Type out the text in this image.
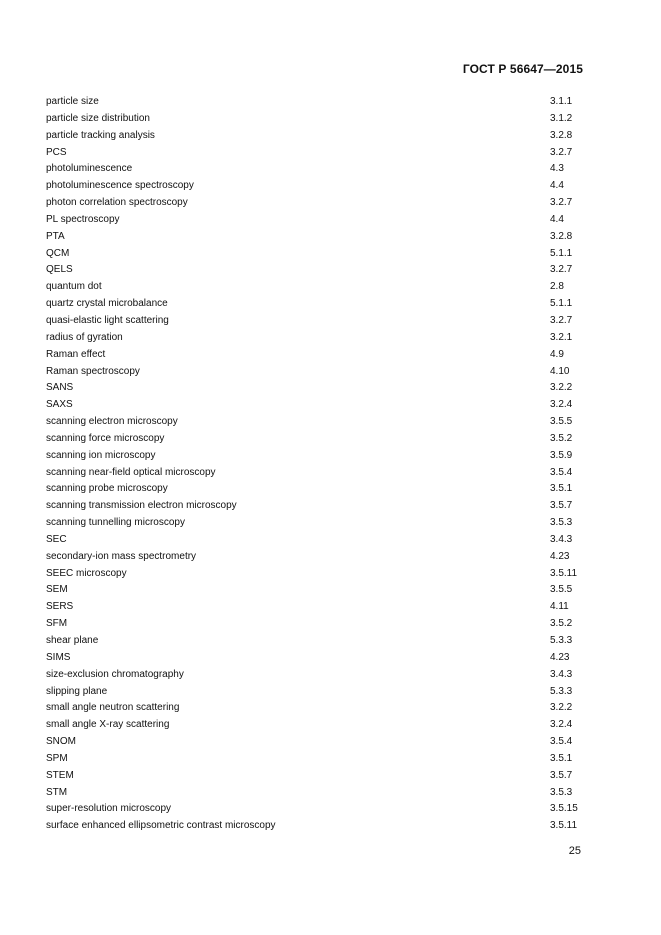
ГОСТ Р 56647—2015
particle size	3.1.1
particle size distribution	3.1.2
particle tracking analysis	3.2.8
PCS	3.2.7
photoluminescence	4.3
photoluminescence spectroscopy	4.4
photon correlation spectroscopy	3.2.7
PL spectroscopy	4.4
PTA	3.2.8
QCM	5.1.1
QELS	3.2.7
quantum dot	2.8
quartz crystal microbalance	5.1.1
quasi-elastic light scattering	3.2.7
radius of gyration	3.2.1
Raman effect	4.9
Raman spectroscopy	4.10
SANS	3.2.2
SAXS	3.2.4
scanning electron microscopy	3.5.5
scanning force microscopy	3.5.2
scanning ion microscopy	3.5.9
scanning near-field optical microscopy	3.5.4
scanning probe microscopy	3.5.1
scanning transmission electron microscopy	3.5.7
scanning tunnelling microscopy	3.5.3
SEC	3.4.3
secondary-ion mass spectrometry	4.23
SEEC microscopy	3.5.11
SEM	3.5.5
SERS	4.11
SFM	3.5.2
shear plane	5.3.3
SIMS	4.23
size-exclusion chromatography	3.4.3
slipping plane	5.3.3
small angle neutron scattering	3.2.2
small angle X-ray scattering	3.2.4
SNOM	3.5.4
SPM	3.5.1
STEM	3.5.7
STM	3.5.3
super-resolution microscopy	3.5.15
surface enhanced ellipsometric contrast microscopy	3.5.11
25
